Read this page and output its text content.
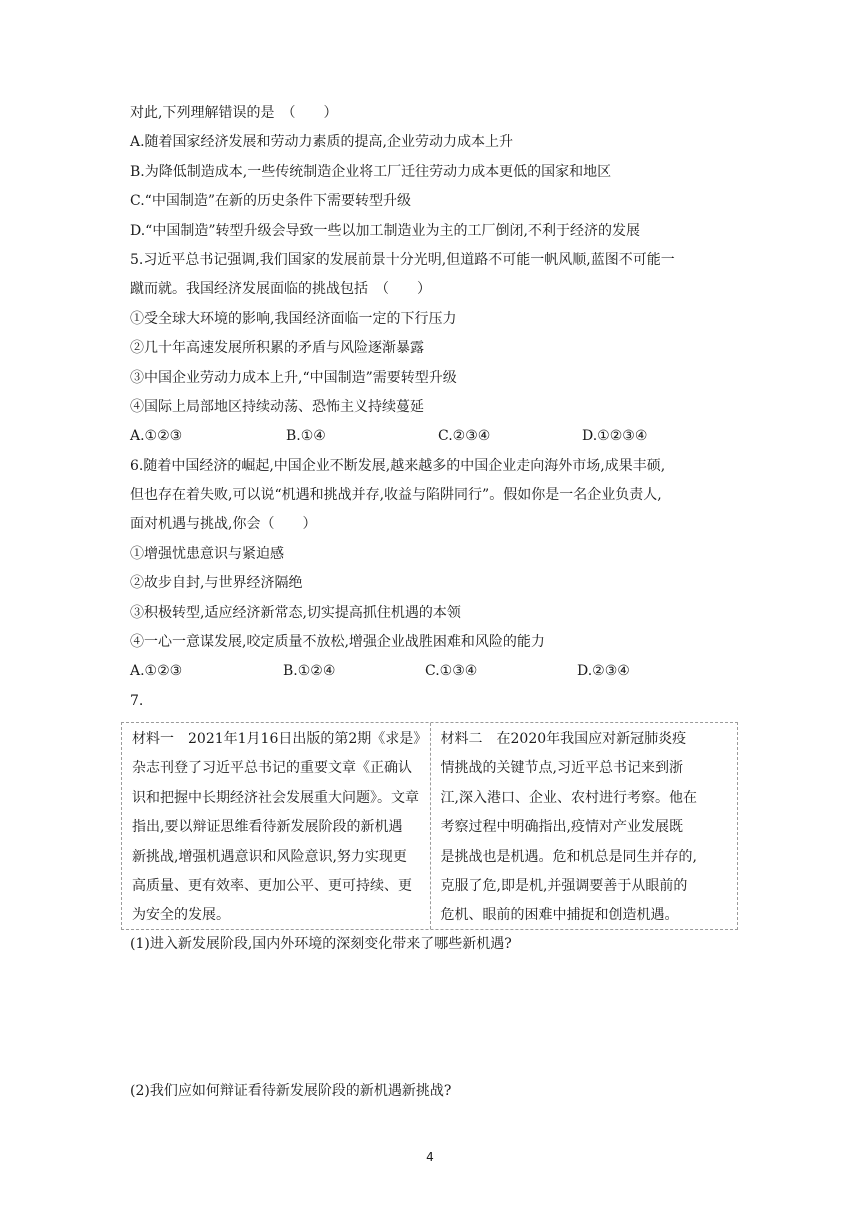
对此,下列理解错误的是　（　　）
A.随着国家经济发展和劳动力素质的提高,企业劳动力成本上升
B.为降低制造成本,一些传统制造企业将工厂迁往劳动力成本更低的国家和地区
C.“中国制造”在新的历史条件下需要转型升级
D.“中国制造”转型升级会导致一些以加工制造业为主的工厂倒闭,不利于经济的发展
5.习近平总书记强调,我们国家的发展前景十分光明,但道路不可能一帆风顺,蓝图不可能一
蹴而就。我国经济发展面临的挑战包括　（　　）
①受全球大环境的影响,我国经济面临一定的下行压力
②几十年高速发展所积累的矛盾与风险逐渐暴露
③中国企业劳动力成本上升,“中国制造”需要转型升级
④国际上局部地区持续动荡、恐怖主义持续蔓延
A.①②③	B.①④	C.②③④	D.①②③④
6.随着中国经济的崛起,中国企业不断发展,越来越多的中国企业走向海外市场,成果丰硕,
但也存在着失败,可以说“机遇和挑战并存,收益与陷阱同行”。假如你是一名企业负责人,
面对机遇与挑战,你会（　　）
①增强忧患意识与紧迫感
②故步自封,与世界经济隔绝
③积极转型,适应经济新常态,切实提高抓住机遇的本领
④一心一意谋发展,咬定质量不放松,增强企业战胜困难和风险的能力
A.①②③	B.①②④	C.①③④	D.②③④
7.
材料一　2021年1月16日出版的第2期《求是》
杂志刊登了习近平总书记的重要文章《正确认
识和把握中长期经济社会发展重大问题》。文章
指出,要以辩证思维看待新发展阶段的新机遇
新挑战,增强机遇意识和风险意识,努力实现更
高质量、更有效率、更加公平、更可持续、更
为安全的发展。
材料二　在2020年我国应对新冠肺炎疫
情挑战的关键节点,习近平总书记来到浙
江,深入港口、企业、农村进行考察。他在
考察过程中明确指出,疫情对产业发展既
是挑战也是机遇。危和机总是同生并存的,
克服了危,即是机,并强调要善于从眼前的
危机、眼前的困难中捕捉和创造机遇。
(1)进入新发展阶段,国内外环境的深刻变化带来了哪些新机遇?
(2)我们应如何辩证看待新发展阶段的新机遇新挑战?
4
